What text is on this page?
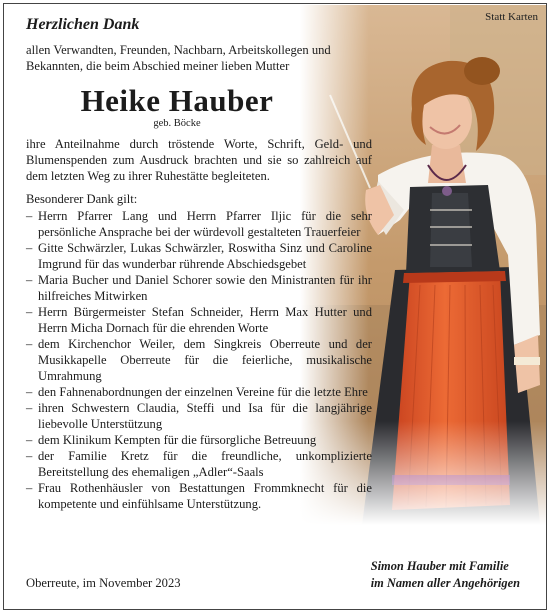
Statt Karten
Herzlichen Dank

allen Verwandten, Freunden, Nachbarn, Arbeitskollegen und Bekannten, die beim Abschied meiner lieben Mutter

Heike Hauber
geb. Böcke

ihre Anteilnahme durch tröstende Worte, Schrift, Geld- und Blumenspenden zum Ausdruck brachten und sie so zahlreich auf dem letzten Weg zu ihrer Ruhestätte begleiteten.

Besonderer Dank gilt:
– Herrn Pfarrer Lang und Herrn Pfarrer Iljic für die sehr persönliche Ansprache bei der würdevoll gestalteten Trauerfeier
– Gitte Schwärzler, Lukas Schwärzler, Roswitha Sinz und Caroline Imgrund für das wunderbar rührende Abschiedsgebet
– Maria Bucher und Daniel Schorer sowie den Ministranten für ihr hilfreiches Mitwirken
– Herrn Bürgermeister Stefan Schneider, Herrn Max Hutter und Herrn Micha Dornach für die ehrenden Worte
– dem Kirchenchor Weiler, dem Singkreis Oberreute und der Musikkapelle Oberreute für die feierliche, musikalische Umrahmung
– den Fahnenabordnungen der einzelnen Vereine für die letzte Ehre
– ihren Schwestern Claudia, Steffi und Isa für die langjährige liebevolle Unterstützung
– dem Klinikum Kempten für die fürsorgliche Betreuung
– der Familie Kretz für die freundliche, unkomplizierte Bereitstellung des ehemaligen „Adler“-Saals
– Frau Rothenhäusler von Bestattungen Frommknecht für die kompetente und einfühlsame Unterstützung.
Simon Hauber mit Familie
im Namen aller Angehörigen
Oberreute, im November 2023
